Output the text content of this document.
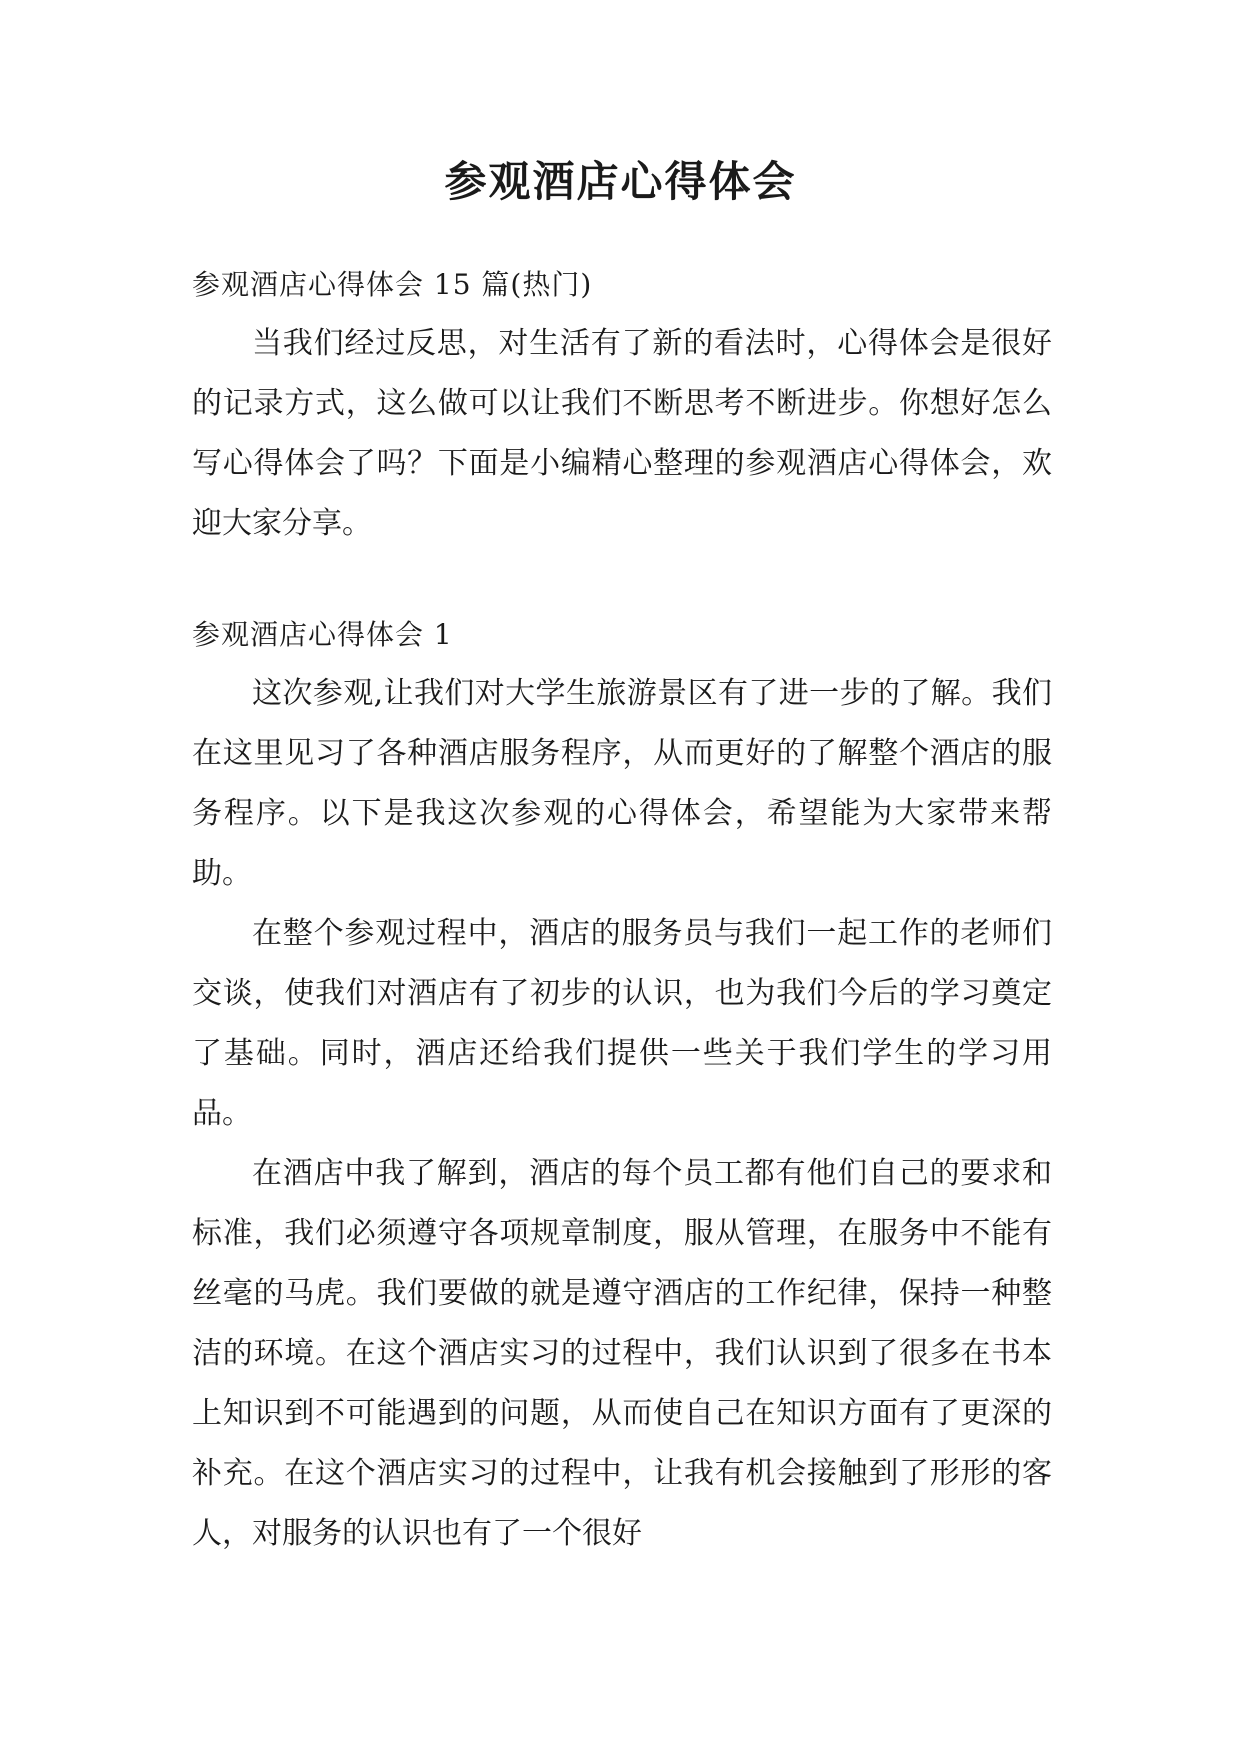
参观酒店心得体会

参观酒店心得体会 15 篇(热门)

当我们经过反思，对生活有了新的看法时，心得体会是很好的记录方式，这么做可以让我们不断思考不断进步。你想好怎么写心得体会了吗？下面是小编精心整理的参观酒店心得体会，欢迎大家分享。

参观酒店心得体会 1

这次参观,让我们对大学生旅游景区有了进一步的了解。我们在这里见习了各种酒店服务程序，从而更好的了解整个酒店的服务程序。以下是我这次参观的心得体会，希望能为大家带来帮助。

在整个参观过程中，酒店的服务员与我们一起工作的老师们交谈，使我们对酒店有了初步的认识，也为我们今后的学习奠定了基础。同时，酒店还给我们提供一些关于我们学生的学习用品。

在酒店中我了解到，酒店的每个员工都有他们自己的要求和标准，我们必须遵守各项规章制度，服从管理，在服务中不能有丝毫的马虎。我们要做的就是遵守酒店的工作纪律，保持一种整洁的环境。在这个酒店实习的过程中，我们认识到了很多在书本上知识到不可能遇到的问题，从而使自己在知识方面有了更深的补充。在这个酒店实习的过程中，让我有机会接触到了形形的客人，对服务的认识也有了一个很好
